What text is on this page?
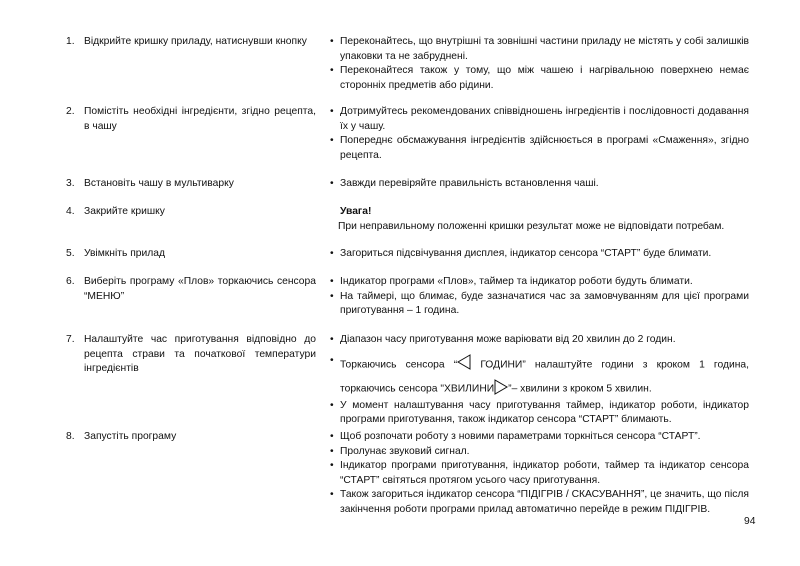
1. Відкрийте кришку приладу, натиснувши кнопку	• Переконайтесь, що внутрішні та зовнішні частини приладу не містять у собі залишків упаковки та не забруднені.
• Переконайтеся також у тому, що між чашею і нагрівальною поверхнею немає сторонніх предметів або рідини.
2. Помістіть необхідні інгредієнти, згідно рецепта, в чашу
• Дотримуйтесь рекомендованих співвідношень інгредієнтів і послідовності додавання їх у чашу.
• Попереднє обсмажування інгредієнтів здійснюється в програмі «Смаження», згідно рецепта.
3. Встановіть чашу в мультиварку	• Завжди перевіряйте правильність встановлення чаші.
4. Закрийте кришку	Увага!
При неправильному положенні кришки результат може не відповідати потребам.
5. Увімкніть прилад	• Загориться підсвічування дисплея, індикатор сенсора “СТАРТ” буде блимати.
6. Виберіть програму «Плов» торкаючись сенсора “МЕНЮ”
• Індикатор програми «Плов», таймер та індикатор роботи будуть блимати.
• На таймері, що блимає, буде зазначатися час за замовчуванням для цієї програми приготування – 1 година.
7. Налаштуйте час приготування відповідно до рецепта страви та початкової температури інгредієнтів
• Діапазон часу приготування може варіювати від 20 хвилин до 2 годин.
• Торкаючись сенсора “ ГОДИНИ” налаштуйте години з кроком 1 година,
торкаючись сенсора "ХВИЛИНИ ”– хвилини з кроком 5 хвилин.
• У момент налаштування часу приготування таймер, індикатор роботи, індикатор програми приготування, також індикатор сенсора “СТАРТ” блимають.
8. Запустіть програму	• Щоб розпочати роботу з новими параметрами торкніться сенсора “СТАРТ”.
• Пролунає звуковий сигнал.
• Індикатор програми приготування, індикатор роботи, таймер та індикатор сенсора “СТАРТ” світяться протягом усього часу приготування.
• Також загориться індикатор сенсора “ПІДІГРІВ / СКАСУВАННЯ”, це значить, що після закінчення роботи програми прилад автоматично перейде в режим ПІДІГРІВ.
94
